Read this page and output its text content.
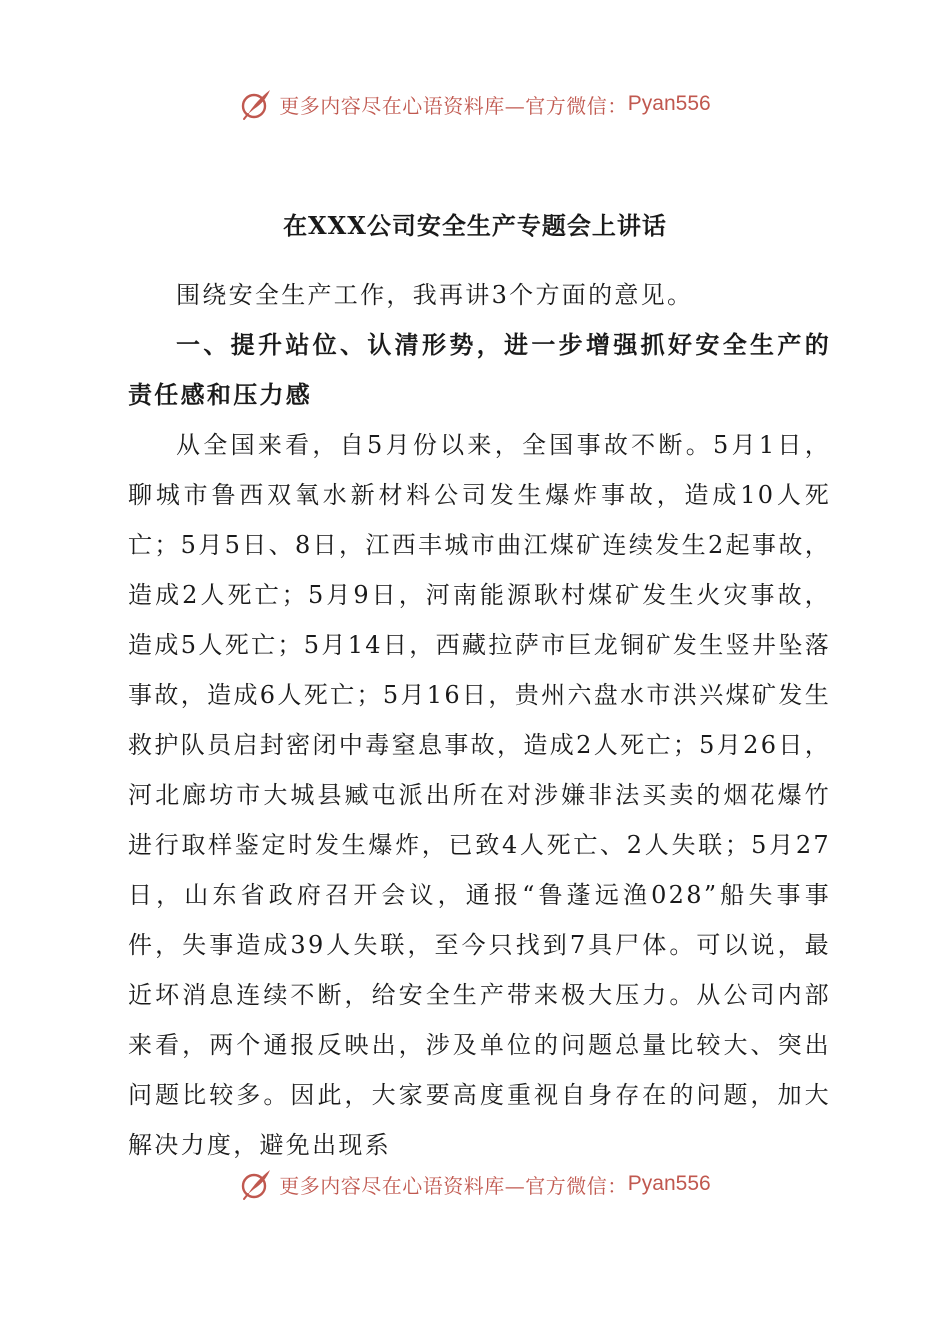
更多内容尽在心语资料库—官方微信： Pyan556
在XXX公司安全生产专题会上讲话

围绕安全生产工作，我再讲3个方面的意见。

一、提升站位、认清形势，进一步增强抓好安全生产的责任感和压力感

从全国来看，自5月份以来，全国事故不断。5月1日，聊城市鲁西双氧水新材料公司发生爆炸事故，造成10人死亡；5月5日、8日，江西丰城市曲江煤矿连续发生2起事故，造成2人死亡；5月9日，河南能源耿村煤矿发生火灾事故，造成5人死亡；5月14日，西藏拉萨市巨龙铜矿发生竖井坠落事故，造成6人死亡；5月16日，贵州六盘水市洪兴煤矿发生救护队员启封密闭中毒窒息事故，造成2人死亡；5月26日，河北廊坊市大城县臧屯派出所在对涉嫌非法买卖的烟花爆竹进行取样鉴定时发生爆炸，已致4人死亡、2人失联；5月27日，山东省政府召开会议，通报“鲁蓬远渔028”船失事事件，失事造成39人失联，至今只找到7具尸体。可以说，最近坏消息连续不断，给安全生产带来极大压力。从公司内部来看，两个通报反映出，涉及单位的问题总量比较大、突出问题比较多。因此，大家要高度重视自身存在的问题，加大解决力度，避免出现系

更多内容尽在心语资料库—官方微信： Pyan556
